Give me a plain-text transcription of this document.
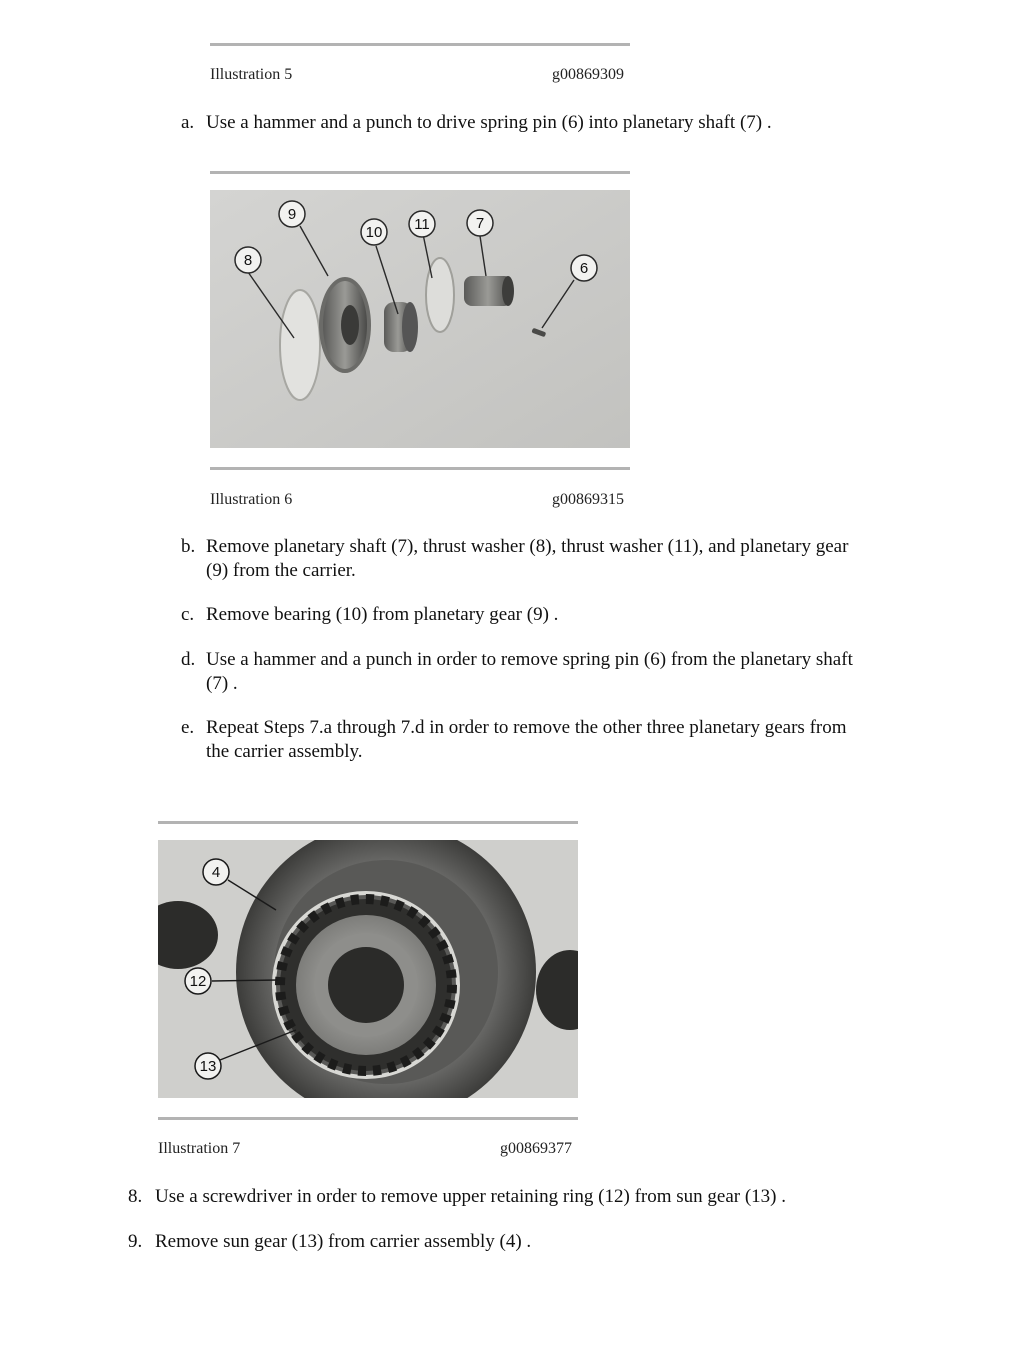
Illustration 5	g00869309
a. Use a hammer and a punch to drive spring pin (6) into planetary shaft (7) .
8
9
10 11	7
6
Illustration 6	g00869315
b. Remove planetary shaft (7), thrust washer (8), thrust washer (11), and planetary gear
(9) from the carrier.
c. Remove bearing (10) from planetary gear (9) .
d. Use a hammer and a punch in order to remove spring pin (6) from the planetary shaft
(7) .
e. Repeat Steps 7.a through 7.d in order to remove the other three planetary gears from
the carrier assembly.
4
12
13
Illustration 7	g00869377
8. Use a screwdriver in order to remove upper retaining ring (12) from sun gear (13) .
9. Remove sun gear (13) from carrier assembly (4) .
